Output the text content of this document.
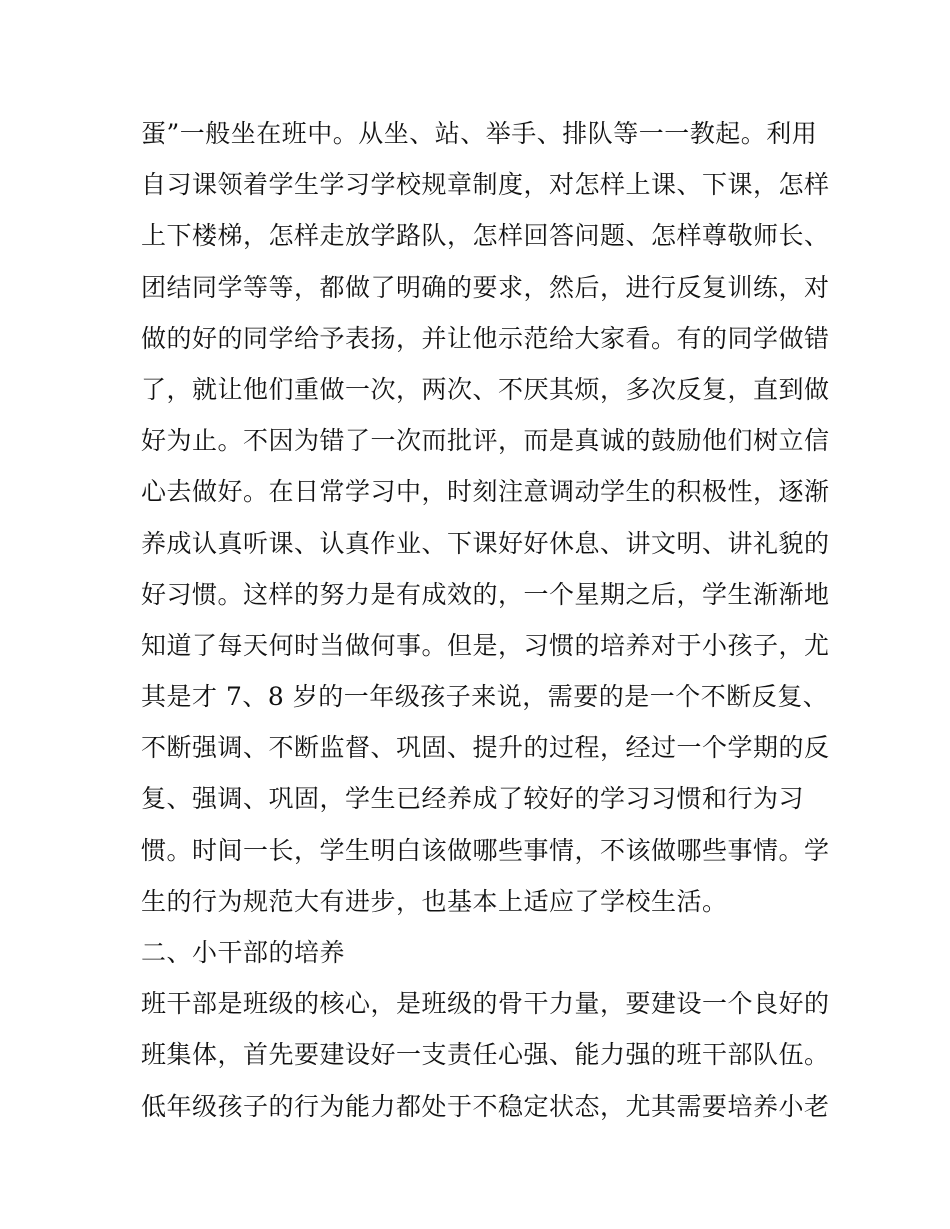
蛋”一般坐在班中。从坐、站、举手、排队等一一教起。利用
自习课领着学生学习学校规章制度，对怎样上课、下课，怎样
上下楼梯，怎样走放学路队，怎样回答问题、怎样尊敬师长、
团结同学等等，都做了明确的要求，然后，进行反复训练，对
做的好的同学给予表扬，并让他示范给大家看。有的同学做错
了，就让他们重做一次，两次、不厌其烦，多次反复，直到做
好为止。不因为错了一次而批评，而是真诚的鼓励他们树立信
心去做好。在日常学习中，时刻注意调动学生的积极性，逐渐
养成认真听课、认真作业、下课好好休息、讲文明、讲礼貌的
好习惯。这样的努力是有成效的，一个星期之后，学生渐渐地
知道了每天何时当做何事。但是，习惯的培养对于小孩子，尤
其是才 7、8 岁的一年级孩子来说，需要的是一个不断反复、
不断强调、不断监督、巩固、提升的过程，经过一个学期的反
复、强调、巩固，学生已经养成了较好的学习习惯和行为习
惯。时间一长，学生明白该做哪些事情，不该做哪些事情。学
生的行为规范大有进步，也基本上适应了学校生活。
二、小干部的培养
班干部是班级的核心，是班级的骨干力量，要建设一个良好的
班集体，首先要建设好一支责任心强、能力强的班干部队伍。
低年级孩子的行为能力都处于不稳定状态，尤其需要培养小老
